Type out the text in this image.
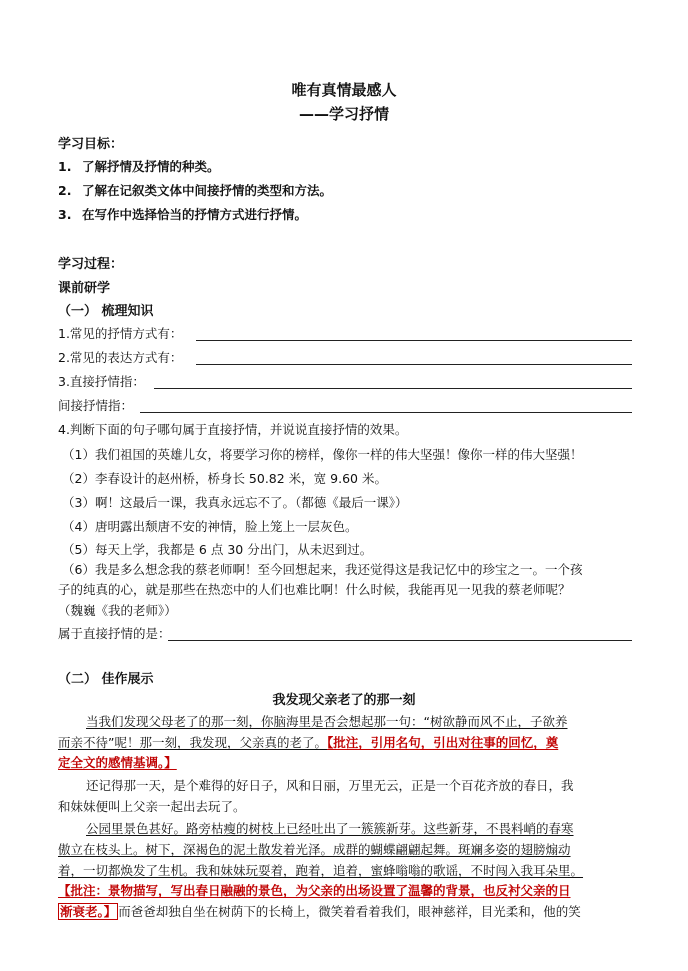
唯有真情最感人
——学习抒情
学习目标：
1. 了解抒情及抒情的种类。
2. 了解在记叙类文体中间接抒情的类型和方法。
3. 在写作中选择恰当的抒情方式进行抒情。
学习过程：
课前研学
（一） 梳理知识
1.常见的抒情方式有：
2.常见的表达方式有：
3.直接抒情指：
间接抒情指：
4.判断下面的句子哪句属于直接抒情，并说说直接抒情的效果。
（1）我们祖国的英雄儿女，将要学习你的榜样，像你一样的伟大坚强！像你一样的伟大坚强！
（2）李春设计的赵州桥，桥身长 50.82 米，宽 9.60 米。
（3）啊！这最后一课，我真永远忘不了。（都德《最后一课》）
（4）唐明露出颓唐不安的神情，脸上笼上一层灰色。
（5）每天上学，我都是 6 点 30 分出门，从未迟到过。
（6）我是多么想念我的蔡老师啊！至今回想起来，我还觉得这是我记忆中的珍宝之一。一个孩
子的纯真的心，就是那些在热恋中的人们也难比啊！什么时候，我能再见一见我的蔡老师呢？
（魏巍《我的老师》）
属于直接抒情的是：
（二） 佳作展示
我发现父亲老了的那一刻
当我们发现父母老了的那一刻，你脑海里是否会想起那一句：“树欲静而风不止，子欲养
而亲不待”呢！那一刻，我发现，父亲真的老了。【批注，引用名句，引出对往事的回忆，奠
定全文的感情基调。】
还记得那一天，是个难得的好日子，风和日丽，万里无云，正是一个百花齐放的春日，我
和妹妹便叫上父亲一起出去玩了。
公园里景色甚好。路旁枯瘦的树枝上已经吐出了一簇簇新芽。这些新芽，不畏料峭的春寒
傲立在枝头上。树下，深褐色的泥土散发着光泽。成群的蝴蝶翩翩起舞。斑斓多姿的翅膀煽动
着，一切都焕发了生机。我和妹妹玩耍着，跑着，追着，蜜蜂嗡嗡的歌谣，不时闯入我耳朵里。
【批注：景物描写，写出春日融融的景色，为父亲的出场设置了温馨的背景，也反衬父亲的日
渐衰老。】 而爸爸却独自坐在树荫下的长椅上，微笑着看着我们，眼神慈祥，目光柔和，他的笑
